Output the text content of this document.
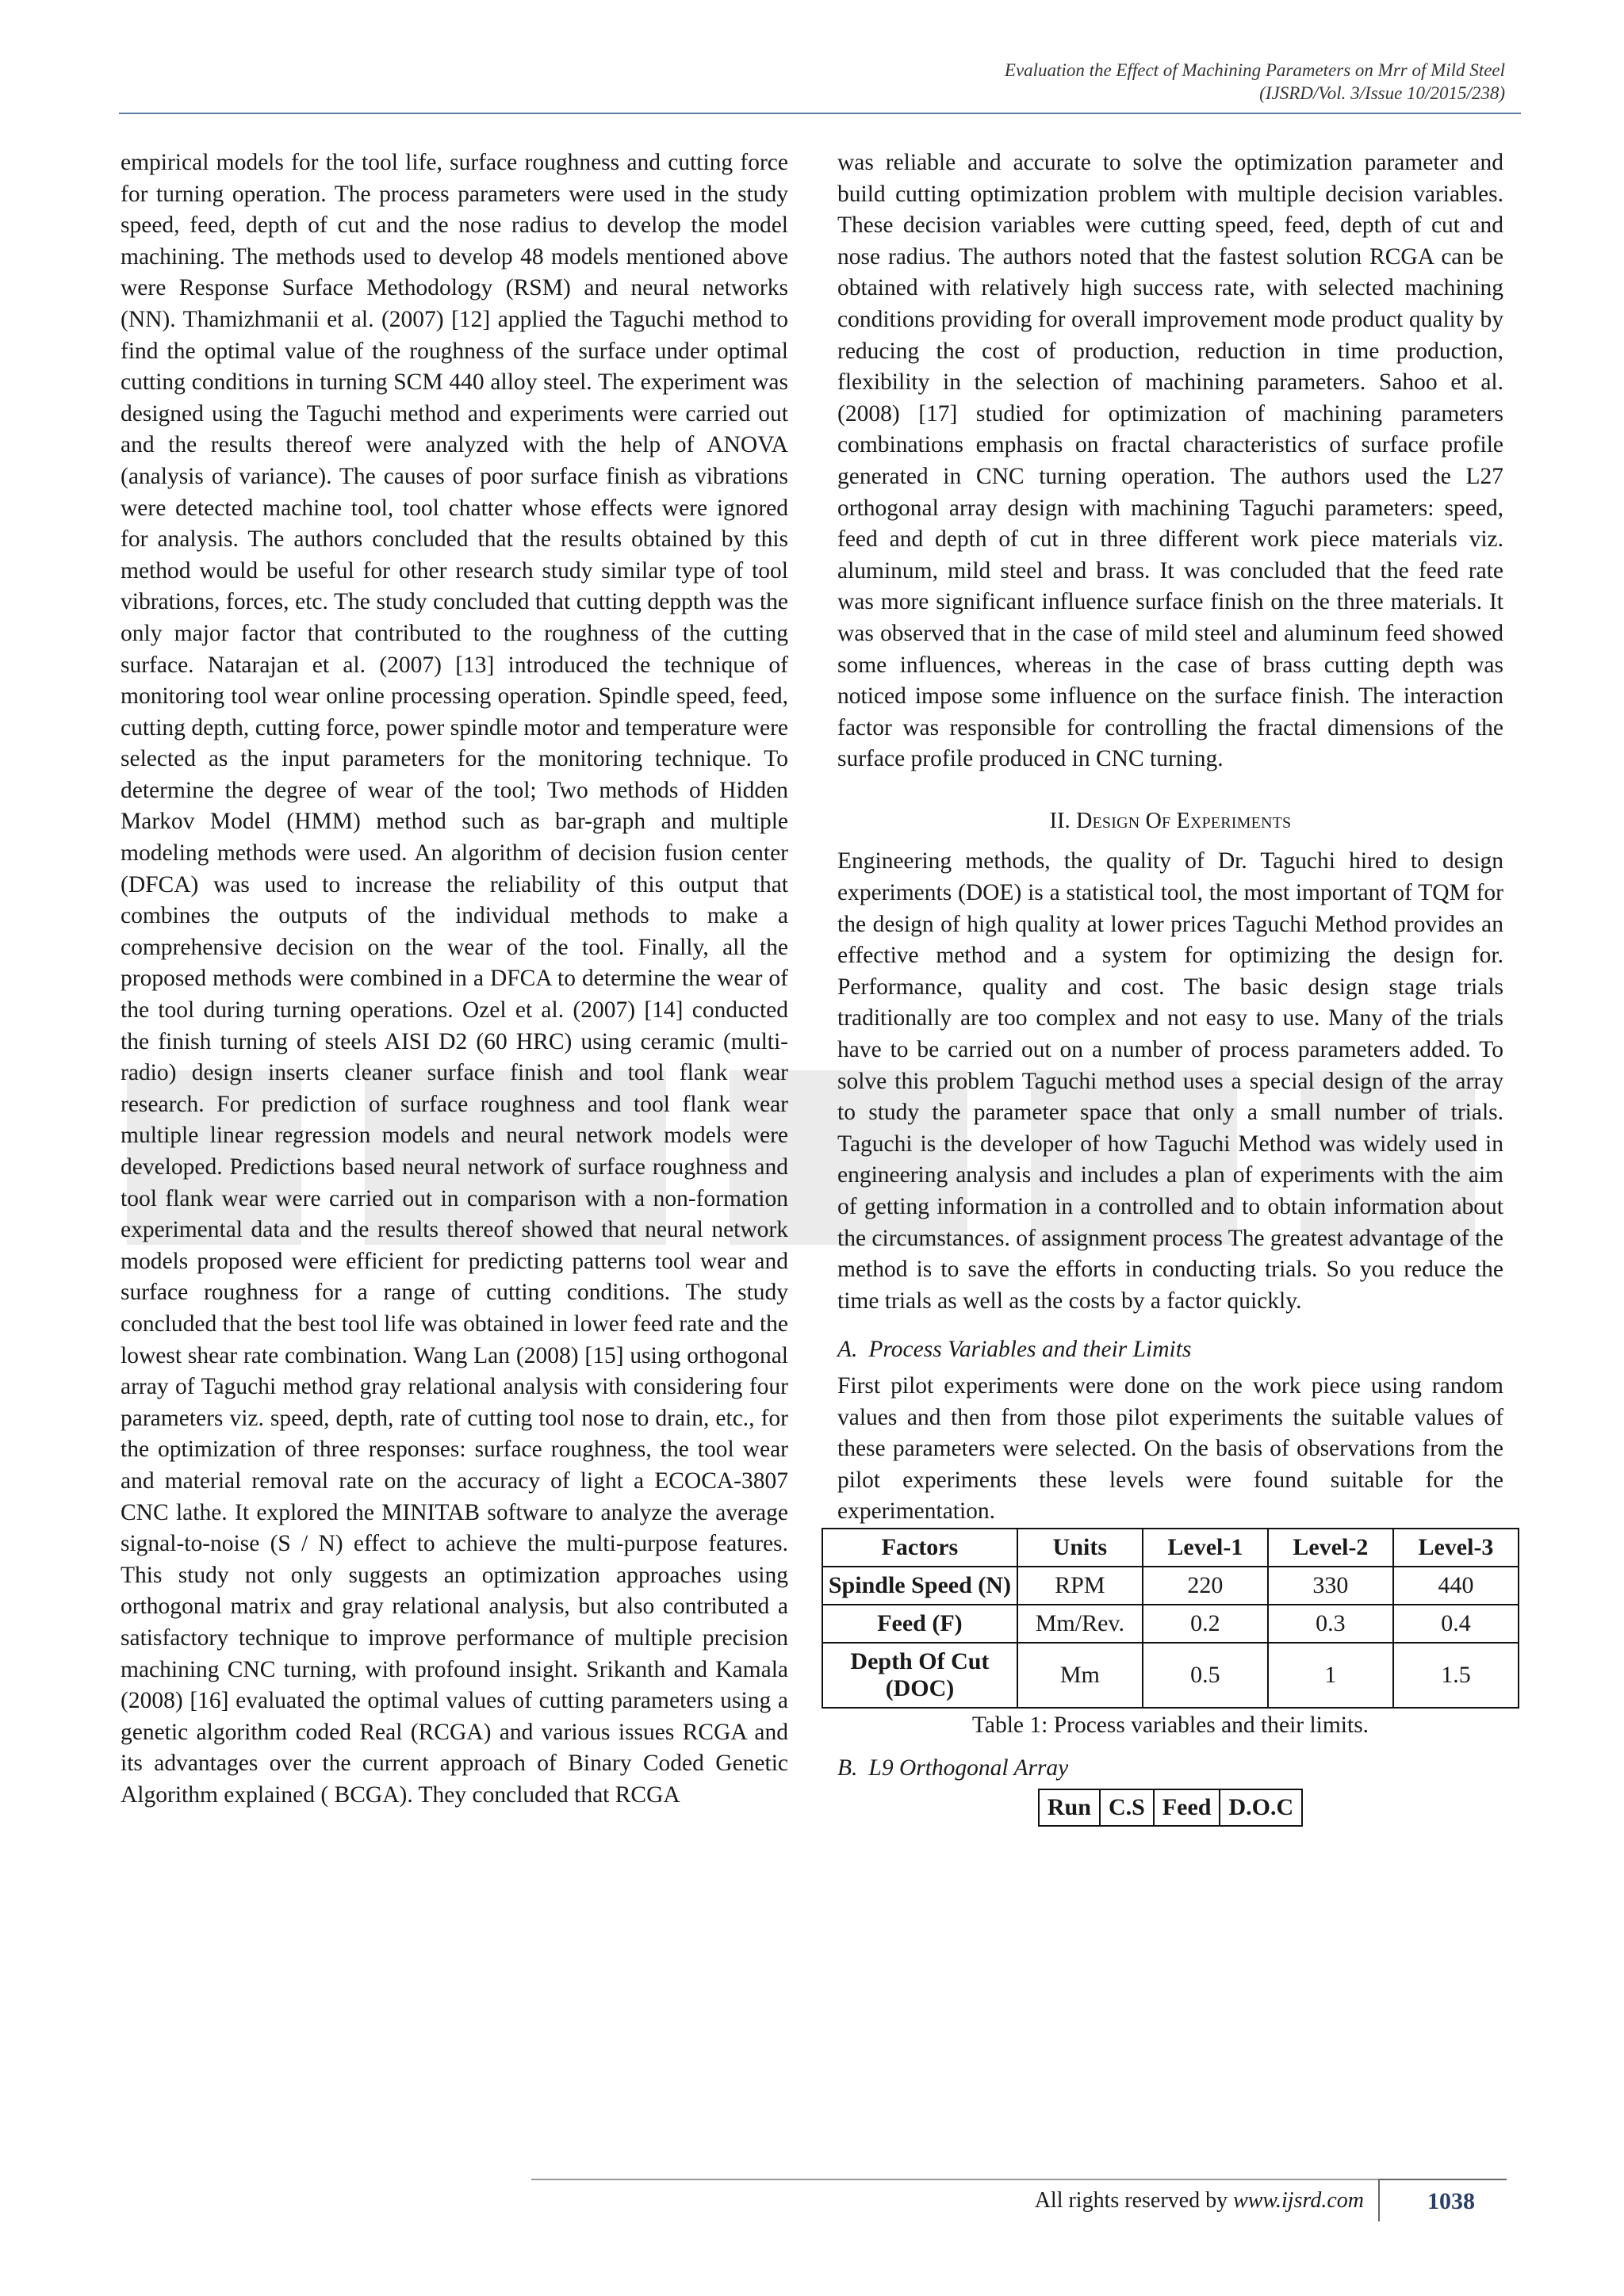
Evaluation the Effect of Machining Parameters on Mrr of Mild Steel
(IJSRD/Vol. 3/Issue 10/2015/238)

empirical models for the tool life, surface roughness and cutting force for turning operation. The process parameters were used in the study speed, feed, depth of cut and the nose radius to develop the model machining. The methods used to develop 48 models mentioned above were Response Surface Methodology (RSM) and neural networks (NN). Thamizhmanii et al. (2007) [12] applied the Taguchi method to find the optimal value of the roughness of the surface under optimal cutting conditions in turning SCM 440 alloy steel. The experiment was designed using the Taguchi method and experiments were carried out and the results thereof were analyzed with the help of ANOVA (analysis of variance). The causes of poor surface finish as vibrations were detected machine tool, tool chatter whose effects were ignored for analysis. The authors concluded that the results obtained by this method would be useful for other research study similar type of tool vibrations, forces, etc. The study concluded that cutting deppth was the only major factor that contributed to the roughness of the cutting surface. Natarajan et al. (2007) [13] introduced the technique of monitoring tool wear online processing operation. Spindle speed, feed, cutting depth, cutting force, power spindle motor and temperature were selected as the input parameters for the monitoring technique. To determine the degree of wear of the tool; Two methods of Hidden Markov Model (HMM) method such as bar-graph and multiple modeling methods were used. An algorithm of decision fusion center (DFCA) was used to increase the reliability of this output that combines the outputs of the individual methods to make a comprehensive decision on the wear of the tool. Finally, all the proposed methods were combined in a DFCA to determine the wear of the tool during turning operations. Ozel et al. (2007) [14] conducted the finish turning of steels AISI D2 (60 HRC) using ceramic (multi-radio) design inserts cleaner surface finish and tool flank wear research. For prediction of surface roughness and tool flank wear multiple linear regression models and neural network models were developed. Predictions based neural network of surface roughness and tool flank wear were carried out in comparison with a non-formation experimental data and the results thereof showed that neural network models proposed were efficient for predicting patterns tool wear and surface roughness for a range of cutting conditions. The study concluded that the best tool life was obtained in lower feed rate and the lowest shear rate combination. Wang Lan (2008) [15] using orthogonal array of Taguchi method gray relational analysis with considering four parameters viz. speed, depth, rate of cutting tool nose to drain, etc., for the optimization of three responses: surface roughness, the tool wear and material removal rate on the accuracy of light a ECOCA-3807 CNC lathe. It explored the MINITAB software to analyze the average signal-to-noise (S / N) effect to achieve the multi-purpose features. This study not only suggests an optimization approaches using orthogonal matrix and gray relational analysis, but also contributed a satisfactory technique to improve performance of multiple precision machining CNC turning, with profound insight. Srikanth and Kamala (2008) [16] evaluated the optimal values of cutting parameters using a genetic algorithm coded Real (RCGA) and various issues RCGA and its advantages over the current approach of Binary Coded Genetic Algorithm explained ( BCGA). They concluded that RCGA

was reliable and accurate to solve the optimization parameter and build cutting optimization problem with multiple decision variables. These decision variables were cutting speed, feed, depth of cut and nose radius. The authors noted that the fastest solution RCGA can be obtained with relatively high success rate, with selected machining conditions providing for overall improvement mode product quality by reducing the cost of production, reduction in time production, flexibility in the selection of machining parameters. Sahoo et al. (2008) [17] studied for optimization of machining parameters combinations emphasis on fractal characteristics of surface profile generated in CNC turning operation. The authors used the L27 orthogonal array design with machining Taguchi parameters: speed, feed and depth of cut in three different work piece materials viz. aluminum, mild steel and brass. It was concluded that the feed rate was more significant influence surface finish on the three materials. It was observed that in the case of mild steel and aluminum feed showed some influences, whereas in the case of brass cutting depth was noticed impose some influence on the surface finish. The interaction factor was responsible for controlling the fractal dimensions of the surface profile produced in CNC turning.

II. Design Of Experiments

Engineering methods, the quality of Dr. Taguchi hired to design experiments (DOE) is a statistical tool, the most important of TQM for the design of high quality at lower prices Taguchi Method provides an effective method and a system for optimizing the design for. Performance, quality and cost. The basic design stage trials traditionally are too complex and not easy to use. Many of the trials have to be carried out on a number of process parameters added. To solve this problem Taguchi method uses a special design of the array to study the parameter space that only a small number of trials. Taguchi is the developer of how Taguchi Method was widely used in engineering analysis and includes a plan of experiments with the aim of getting information in a controlled and to obtain information about the circumstances. of assignment process The greatest advantage of the method is to save the efforts in conducting trials. So you reduce the time trials as well as the costs by a factor quickly.

A. Process Variables and their Limits

First pilot experiments were done on the work piece using random values and then from those pilot experiments the suitable values of these parameters were selected. On the basis of observations from the pilot experiments these levels were found suitable for the experimentation.

Factors	Units	Level-1	Level-2	Level-3
Spindle Speed (N)	RPM	220	330	440
Feed (F)	Mm/Rev.	0.2	0.3	0.4
Depth Of Cut (DOC)	Mm	0.5	1	1.5

Table 1: Process variables and their limits.

B. L9 Orthogonal Array

Run	C.S	Feed	D.O.C
All rights reserved by www.ijsrd.com	1038
